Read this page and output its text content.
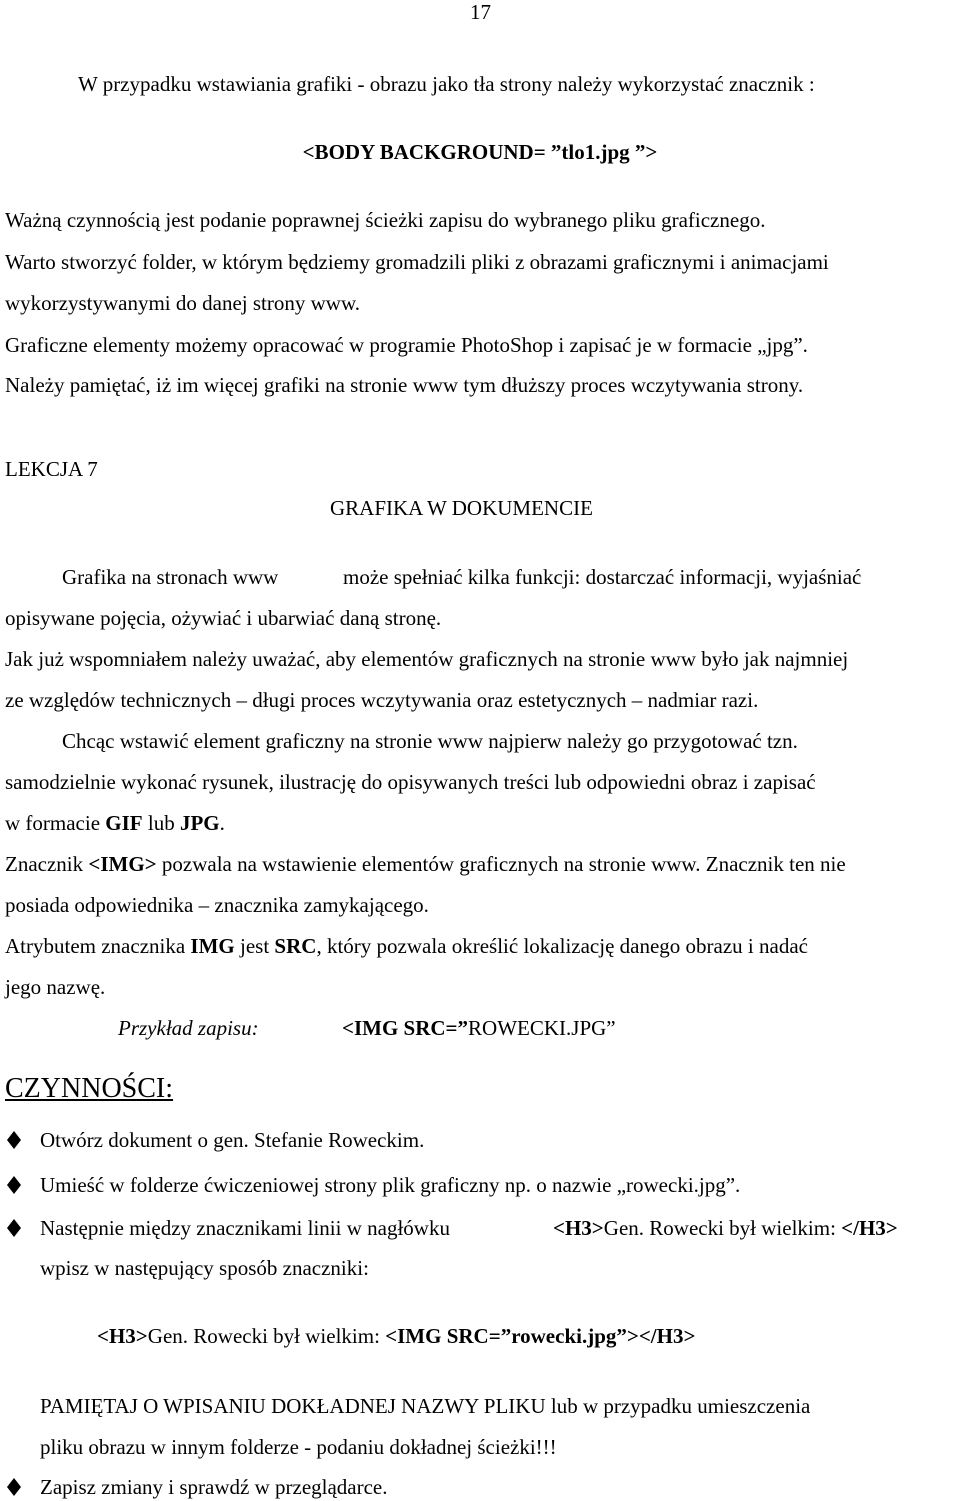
17
W przypadku wstawiania grafiki - obrazu jako tła strony należy wykorzystać znacznik :
<BODY BACKGROUND= ”tlo1.jpg ”>
Ważną czynnością jest podanie poprawnej ścieżki zapisu do wybranego pliku graficznego.
Warto stworzyć folder, w którym będziemy gromadzili pliki z obrazami graficznymi i animacjami
wykorzystywanymi do danej strony www.
Graficzne elementy możemy opracować w programie PhotoShop i zapisać je w formacie „jpg”.
Należy pamiętać, iż im więcej grafiki na stronie www tym dłuższy proces wczytywania strony.
LEKCJA 7
GRAFIKA W DOKUMENCIE
Grafika na stronach www	może spełniać kilka funkcji: dostarczać informacji, wyjaśniać
opisywane pojęcia, ożywiać i ubarwiać daną stronę.
Jak już wspomniałem należy uważać, aby elementów graficznych na stronie www było jak najmniej
ze względów technicznych – długi proces wczytywania oraz estetycznych – nadmiar razi.
Chcąc wstawić element graficzny na stronie www najpierw należy go przygotować tzn.
samodzielnie wykonać rysunek, ilustrację do opisywanych treści lub odpowiedni obraz i zapisać
w formacie GIF lub JPG.
Znacznik <IMG> pozwala na wstawienie elementów graficznych na stronie www. Znacznik ten nie
posiada odpowiednika – znacznika zamykającego.
Atrybutem znacznika IMG jest SRC, który pozwala określić lokalizację danego obrazu i nadać
jego nazwę.
Przykład zapisu:	<IMG SRC=”ROWECKI.JPG”
CZYNNOŚCI:
Otwórz dokument o gen. Stefanie Roweckim.
Umieść w folderze ćwiczeniowej strony plik graficzny np. o nazwie „rowecki.jpg”.
Następnie między znacznikami linii w nagłówku	<H3>Gen. Rowecki był wielkim: </H3>
wpisz w następujący sposób znaczniki:
<H3>Gen. Rowecki był wielkim: <IMG SRC=”rowecki.jpg”></H3>
PAMIĘTAJ O WPISANIU DOKŁADNEJ NAZWY PLIKU lub w przypadku umieszczenia
pliku obrazu w innym folderze - podaniu dokładnej ścieżki!!!
Zapisz zmiany i sprawdź w przeglądarce.
